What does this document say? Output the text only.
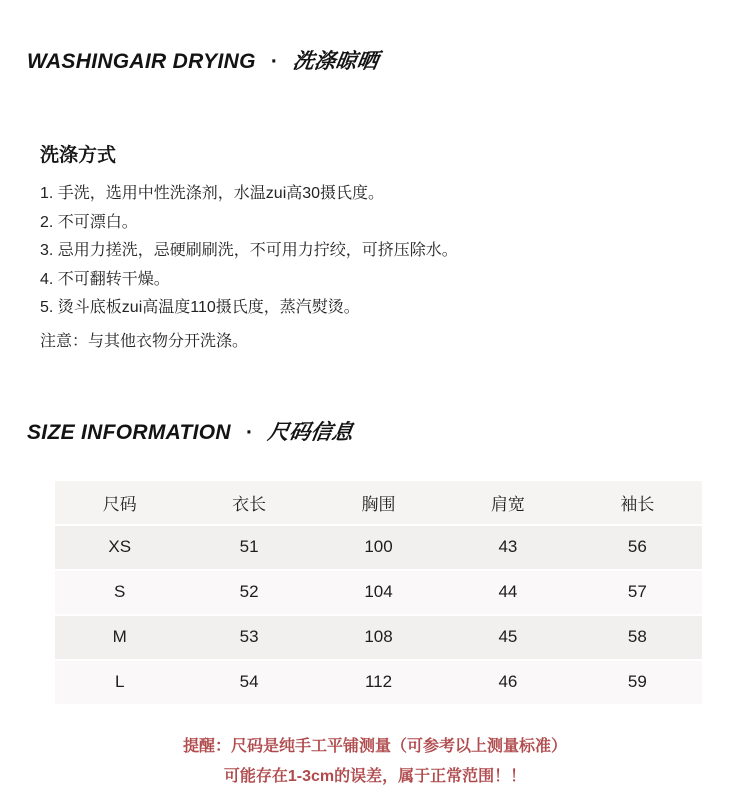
WASHINGAIR DRYING · 洗涤晾晒
洗涤方式

1. 手洗，选用中性洗涤剂，水温zui高30摄氏度。

2. 不可漂白。

3. 忌用力搓洗，忌硬刷刷洗，不可用力拧绞，可挤压除水。

4. 不可翻转干燥。

5. 烫斗底板zui高温度110摄氏度，蒸汽熨烫。

注意：与其他衣物分开洗涤。

SIZE INFORMATION · 尺码信息
尺码	衣长	胸围	肩宽	袖长
XS	51	100	43	56
S	52	104	44	57
M	53	108	45	58
L	54	112	46	59

提醒：尺码是纯手工平铺测量（可参考以上测量标准）

可能存在1-3cm的误差，属于正常范围！！
